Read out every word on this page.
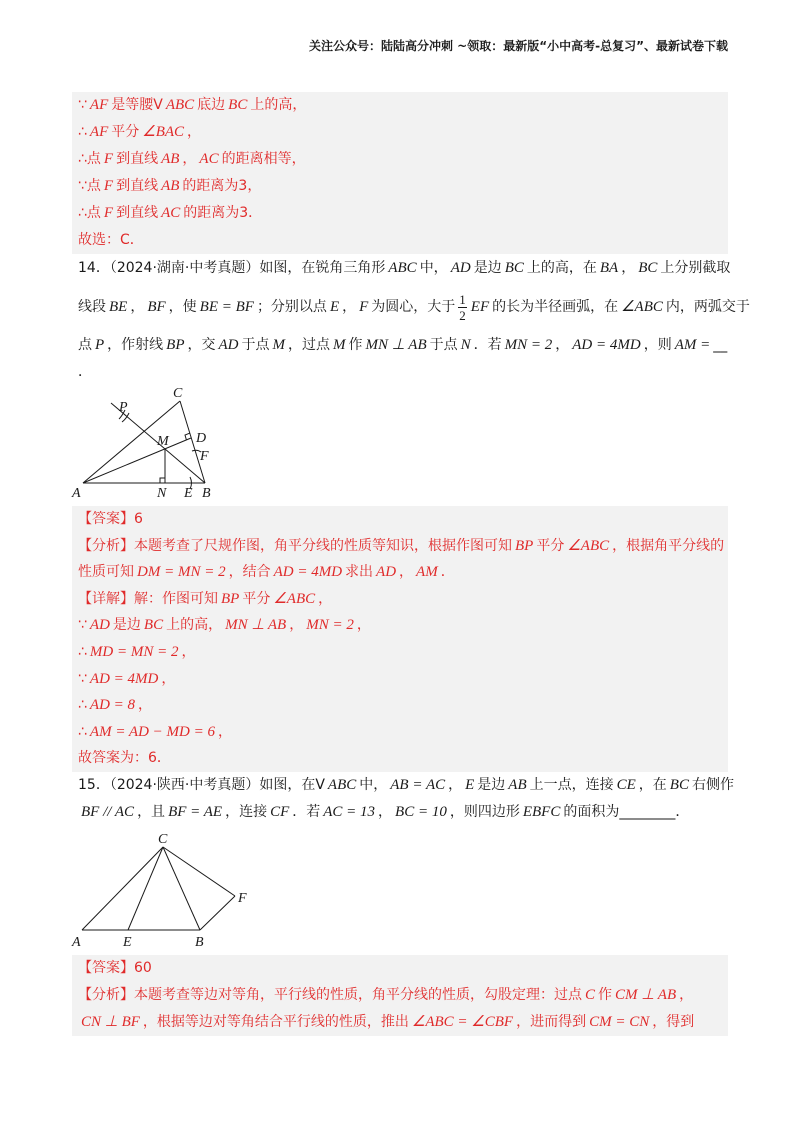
关注公众号：陆陆高分冲刺 ~领取：最新版“小中高考-总复习”、最新试卷下载
∵ AF 是等腰V ABC 底边 BC 上的高，
∴ AF 平分 ∠BAC ，
∴点 F 到直线 AB ， AC 的距离相等，
∵点 F 到直线 AB 的距离为3，
∴点 F 到直线 AC 的距离为3．
故选：C．
14．（2024·湖南·中考真题）如图，在锐角三角形 ABC 中， AD 是边 BC 上的高，在 BA ， BC 上分别截取
线段 BE ， BF ，使 BE = BF ；分别以点 E ， F 为圆心，大于 $\frac{1}{2}$ EF 的长为半径画弧，在 ∠ABC 内，两弧交于
点 P ，作射线 BP ，交 AD 于点 M ，过点 M 作 MN ⊥ AB 于点 N ．若 MN = 2 ， AD = 4MD ，则 AM = __
．
A	B
C
D
E
F
M
N
P
【答案】6
【分析】本题考查了尺规作图，角平分线的性质等知识，根据作图可知 BP 平分 ∠ABC ，根据角平分线的
性质可知 DM = MN = 2 ，结合 AD = 4MD 求出 AD ， AM ．
【详解】解：作图可知 BP 平分 ∠ABC ，
∵ AD 是边 BC 上的高， MN ⊥ AB ， MN = 2 ，
∴ MD = MN = 2 ，
∵ AD = 4MD ，
∴ AD = 8 ，
∴ AM = AD − MD = 6 ，
故答案为：6．
15．（2024·陕西·中考真题）如图，在V ABC 中， AB = AC ， E 是边 AB 上一点，连接 CE ，在 BC 右侧作
BF // AC ，且 BF = AE ，连接 CF ．若 AC = 13 ， BC = 10 ，则四边形 EBFC 的面积为________．
A	E	B
C
F
【答案】60
【分析】本题考查等边对等角，平行线的性质，角平分线的性质，勾股定理：过点 C 作 CM ⊥ AB ，
CN ⊥ BF ，根据等边对等角结合平行线的性质，推出 ∠ABC = ∠CBF ，进而得到 CM = CN ，得到
